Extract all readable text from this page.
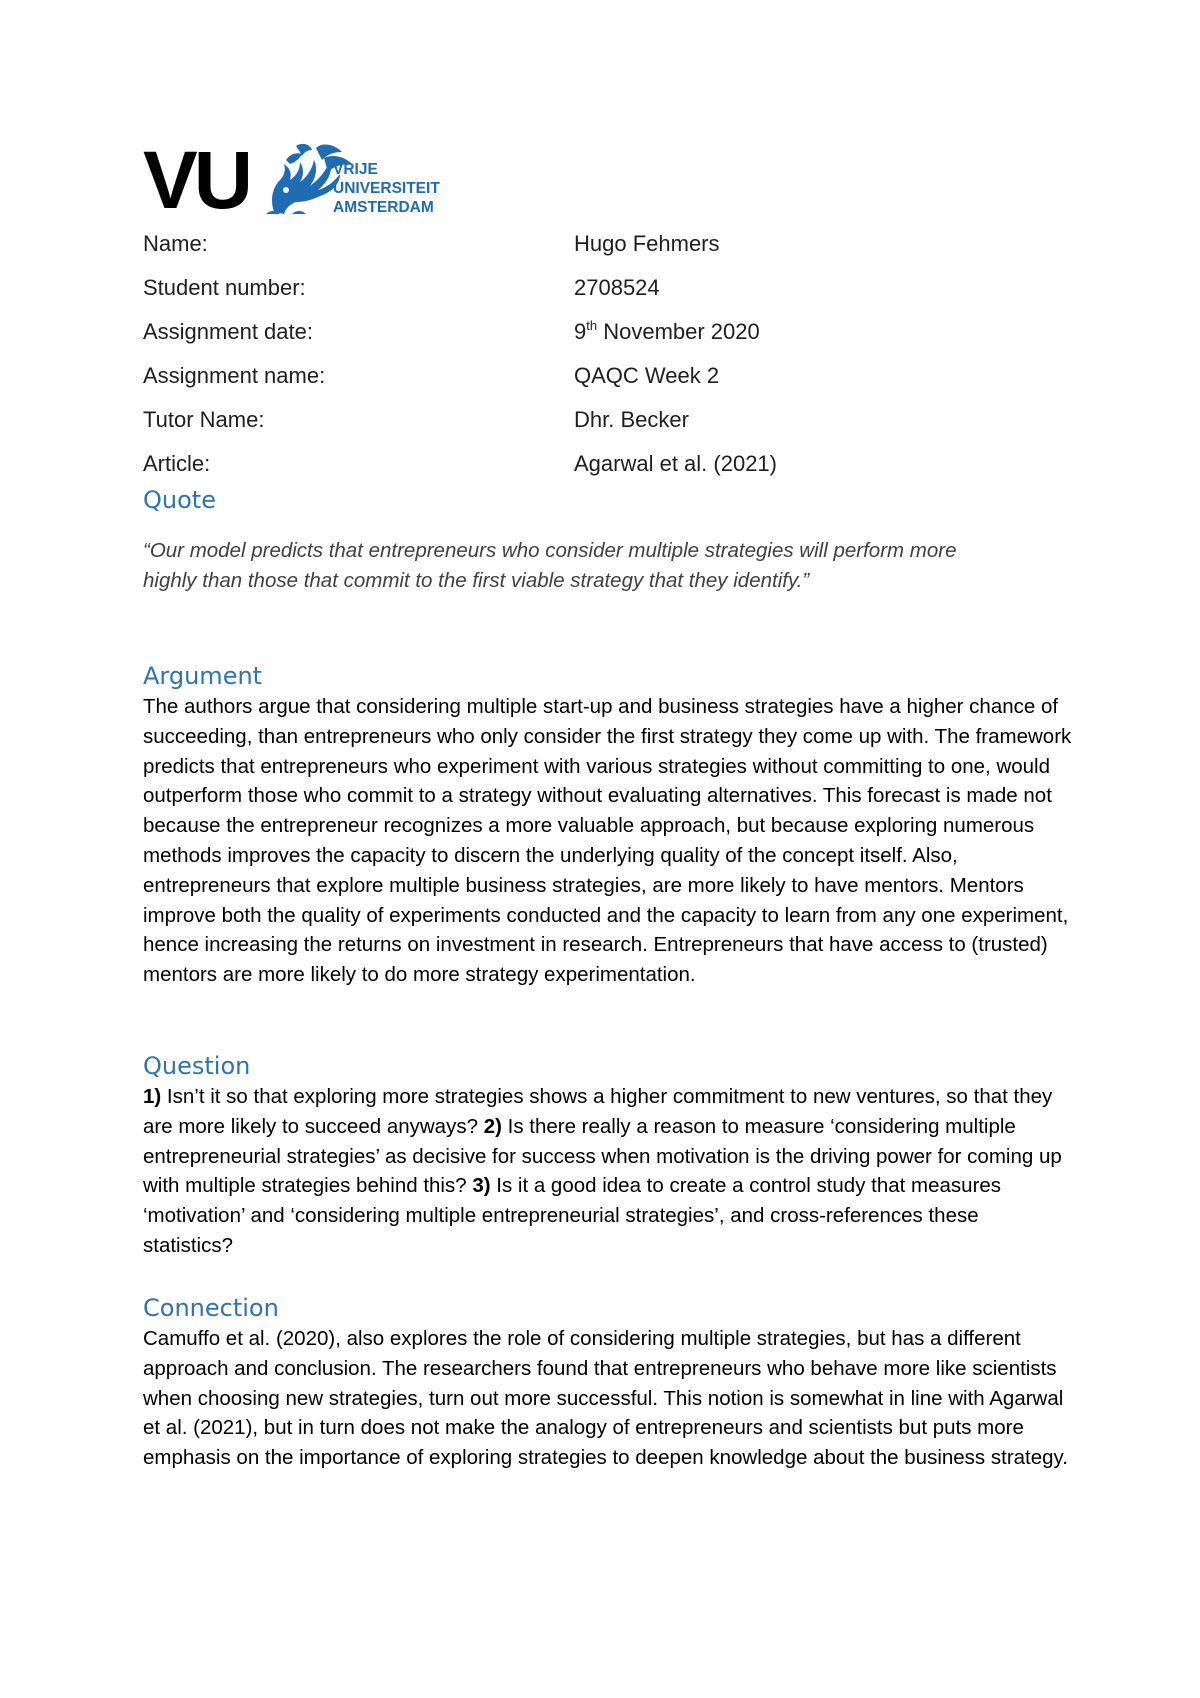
VU	VRIJE
UNIVERSITEIT
AMSTERDAM
Name:	Hugo Fehmers
Student number:	2708524
Assignment date:	9th November 2020
Assignment name:	QAQC Week 2
Tutor Name:	Dhr. Becker
Article:	Agarwal et al. (2021)
Quote
“Our model predicts that entrepreneurs who consider multiple strategies will perform more highly than those that commit to the first viable strategy that they identify.”
Argument
The authors argue that considering multiple start-up and business strategies have a higher chance of succeeding, than entrepreneurs who only consider the first strategy they come up with. The framework predicts that entrepreneurs who experiment with various strategies without committing to one, would outperform those who commit to a strategy without evaluating alternatives. This forecast is made not because the entrepreneur recognizes a more valuable approach, but because exploring numerous methods improves the capacity to discern the underlying quality of the concept itself. Also, entrepreneurs that explore multiple business strategies, are more likely to have mentors. Mentors improve both the quality of experiments conducted and the capacity to learn from any one experiment, hence increasing the returns on investment in research. Entrepreneurs that have access to (trusted) mentors are more likely to do more strategy experimentation.
Question
1) Isn’t it so that exploring more strategies shows a higher commitment to new ventures, so that they are more likely to succeed anyways? 2) Is there really a reason to measure ‘considering multiple entrepreneurial strategies’ as decisive for success when motivation is the driving power for coming up with multiple strategies behind this? 3) Is it a good idea to create a control study that measures ‘motivation’ and ‘considering multiple entrepreneurial strategies’, and cross-references these statistics?
Connection
Camuffo et al. (2020), also explores the role of considering multiple strategies, but has a different approach and conclusion. The researchers found that entrepreneurs who behave more like scientists when choosing new strategies, turn out more successful. This notion is somewhat in line with Agarwal et al. (2021), but in turn does not make the analogy of entrepreneurs and scientists but puts more emphasis on the importance of exploring strategies to deepen knowledge about the business strategy.
